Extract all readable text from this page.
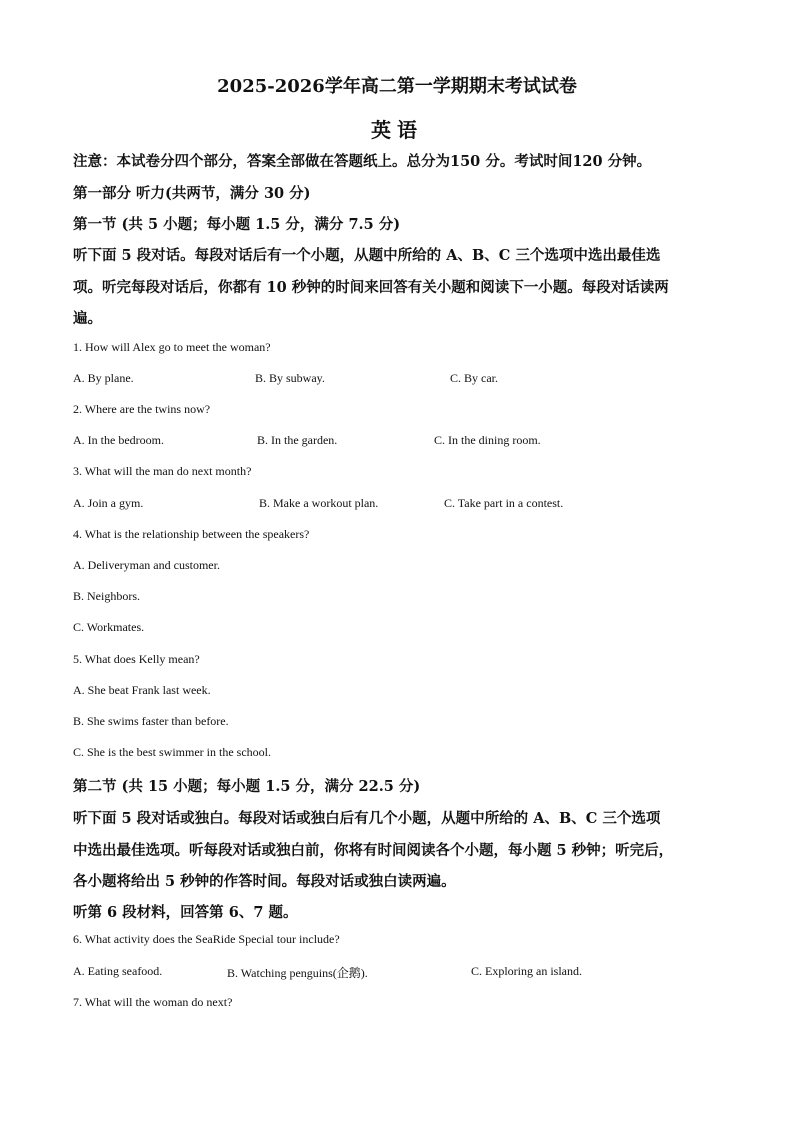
2025-2026学年高二第一学期期末考试试卷
英语
注意：本试卷分四个部分，答案全部做在答题纸上。总分为150 分。考试时间120 分钟。
第一部分 听力(共两节，满分 30 分)
第一节 (共 5 小题；每小题 1.5 分，满分 7.5 分)
听下面 5 段对话。每段对话后有一个小题，从题中所给的 A、B、C 三个选项中选出最佳选
项。听完每段对话后，你都有 10 秒钟的时间来回答有关小题和阅读下一小题。每段对话读两
遍。
1. How will Alex go to meet the woman?
A. By plane.	B. By subway.	C. By car.
2. Where are the twins now?
A. In the bedroom.	B. In the garden.	C. In the dining room.
3. What will the man do next month?
A. Join a gym.	B. Make a workout plan.	C. Take part in a contest.
4. What is the relationship between the speakers?
A. Deliveryman and customer.
B. Neighbors.
C. Workmates.
5. What does Kelly mean?
A. She beat Frank last week.
B. She swims faster than before.
C. She is the best swimmer in the school.
第二节 (共 15 小题；每小题 1.5 分，满分 22.5 分)
听下面 5 段对话或独白。每段对话或独白后有几个小题，从题中所给的 A、B、C 三个选项
中选出最佳选项。听每段对话或独白前，你将有时间阅读各个小题，每小题 5 秒钟；听完后，
各小题将给出 5 秒钟的作答时间。每段对话或独白读两遍。
听第 6 段材料，回答第 6、7 题。
6. What activity does the SeaRide Special tour include?
A. Eating seafood.	B. Watching penguins(企鹅).	C. Exploring an island.
7. What will the woman do next?
